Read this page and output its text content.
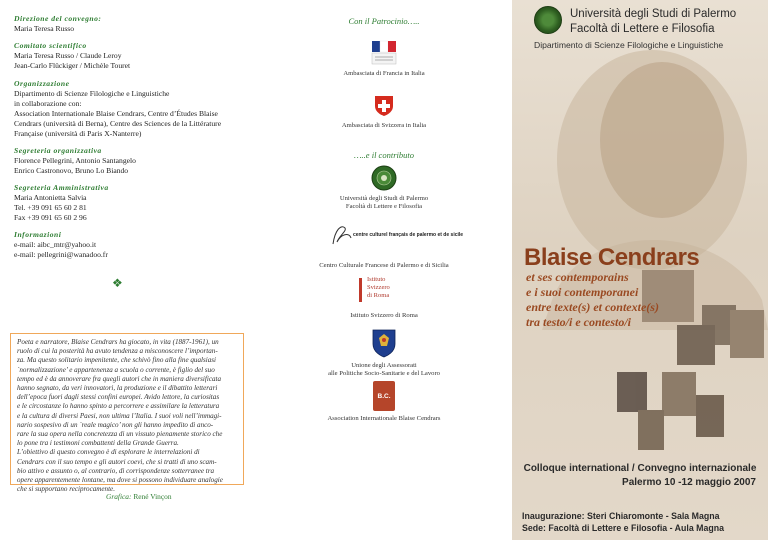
Direzione del convegno:
Maria Teresa Russo
Comitato scientifico
Maria Teresa Russo / Claude Leroy
Jean-Carlo Flückiger / Michèle Touret
Organizzazione
Dipartimento di Scienze Filologiche e Linguistiche
in collaborazione con:
Association Internationale Blaise Cendrars, Centre d’Études Blaise
Cendrars (università di Berna), Centre des Sciences de la Littérature
Française (università di Paris X-Nanterre)
Segreteria organizzativa
Florence Pellegrini, Antonio Santangelo
Enrico Castronovo, Bruno Lo Biando
Segreteria Amministrativa
Maria Antonietta Salvia
Tel. +39 091 65 60 2 81
Fax +39 091 65 60 2 96
Informazioni
e-mail: aibc_mtr@yahoo.it
e-mail: pellegrini@wanadoo.fr
❖
Poeta e narratore, Blaise Cendrars ha giocato, in vita (1887-1961), un
ruolo di cui la posterità ha avuto tendenza a misconoscere l’importan-
za. Ma questo solitario impenitente, che schivò fino alla fine qualsiasi
`normalizzazione’ e appartenenza a scuola o corrente, è figlio del suo
tempo ed è da annoverare fra quegli autori che in maniera diversificata
hanno segnato, da veri innovatori, la produzione e il dibattito letterari
dell’epoca fuori dagli stessi confini europei. Avido lettore, la curiositas
e le circostanze lo hanno spinto a percorrere e assimilare la letteratura
e la cultura di diversi Paesi, non ultima l’Italia. I suoi voli nell’immagi-
nario sospesivo di un `reale magico’ non gli hanno impedito di anco-
rare la sua opera nella concretezza di un vissuto pienamente storico che
lo pone tra i testimoni combattenti della Grande Guerra.
L’obiettivo di questo convegno è di esplorare le interrelazioni di
Cendrars con il suo tempo e gli autori coevi, che si tratti di uno scam-
bio attivo e assunto o, al contrario, di corrispondenze sotterranee tra
opere apparentemente lontane, ma dove si possono individuare analogie
che si supportano reciprocamente.
Grafica: René Vinçon
Con il Patrocinio…..
Ambasciata di Francia in Italia
Ambasciata di Svizzera in Italia
…..e il contributo
Università degli Studi di Palermo
Facoltà di Lettere e Filosofia
centre culturel français de palermo et de sicile
Centro Culturale Francese di Palermo e di Sicilia
Istituto
Svizzero
di Roma
Istituto Svizzero di Roma
Unione degli Assessorati
alle Politiche Socio-Sanitarie e del Lavoro
B.C.
Association Internationale Blaise Cendrars
Università degli Studi di Palermo
Facoltà di Lettere e Filosofia
Dipartimento di Scienze Filologiche e Linguistiche
Blaise Cendrars
et ses contemporains
e i suoi contemporanei
entre texte(s) et contexte(s)
tra testo/i e contesto/i
Colloque international / Convegno internazionale
Palermo 10 -12 maggio 2007
Inaugurazione: Steri Chiaromonte - Sala Magna
Sede: Facoltà di Lettere e Filosofia - Aula Magna
